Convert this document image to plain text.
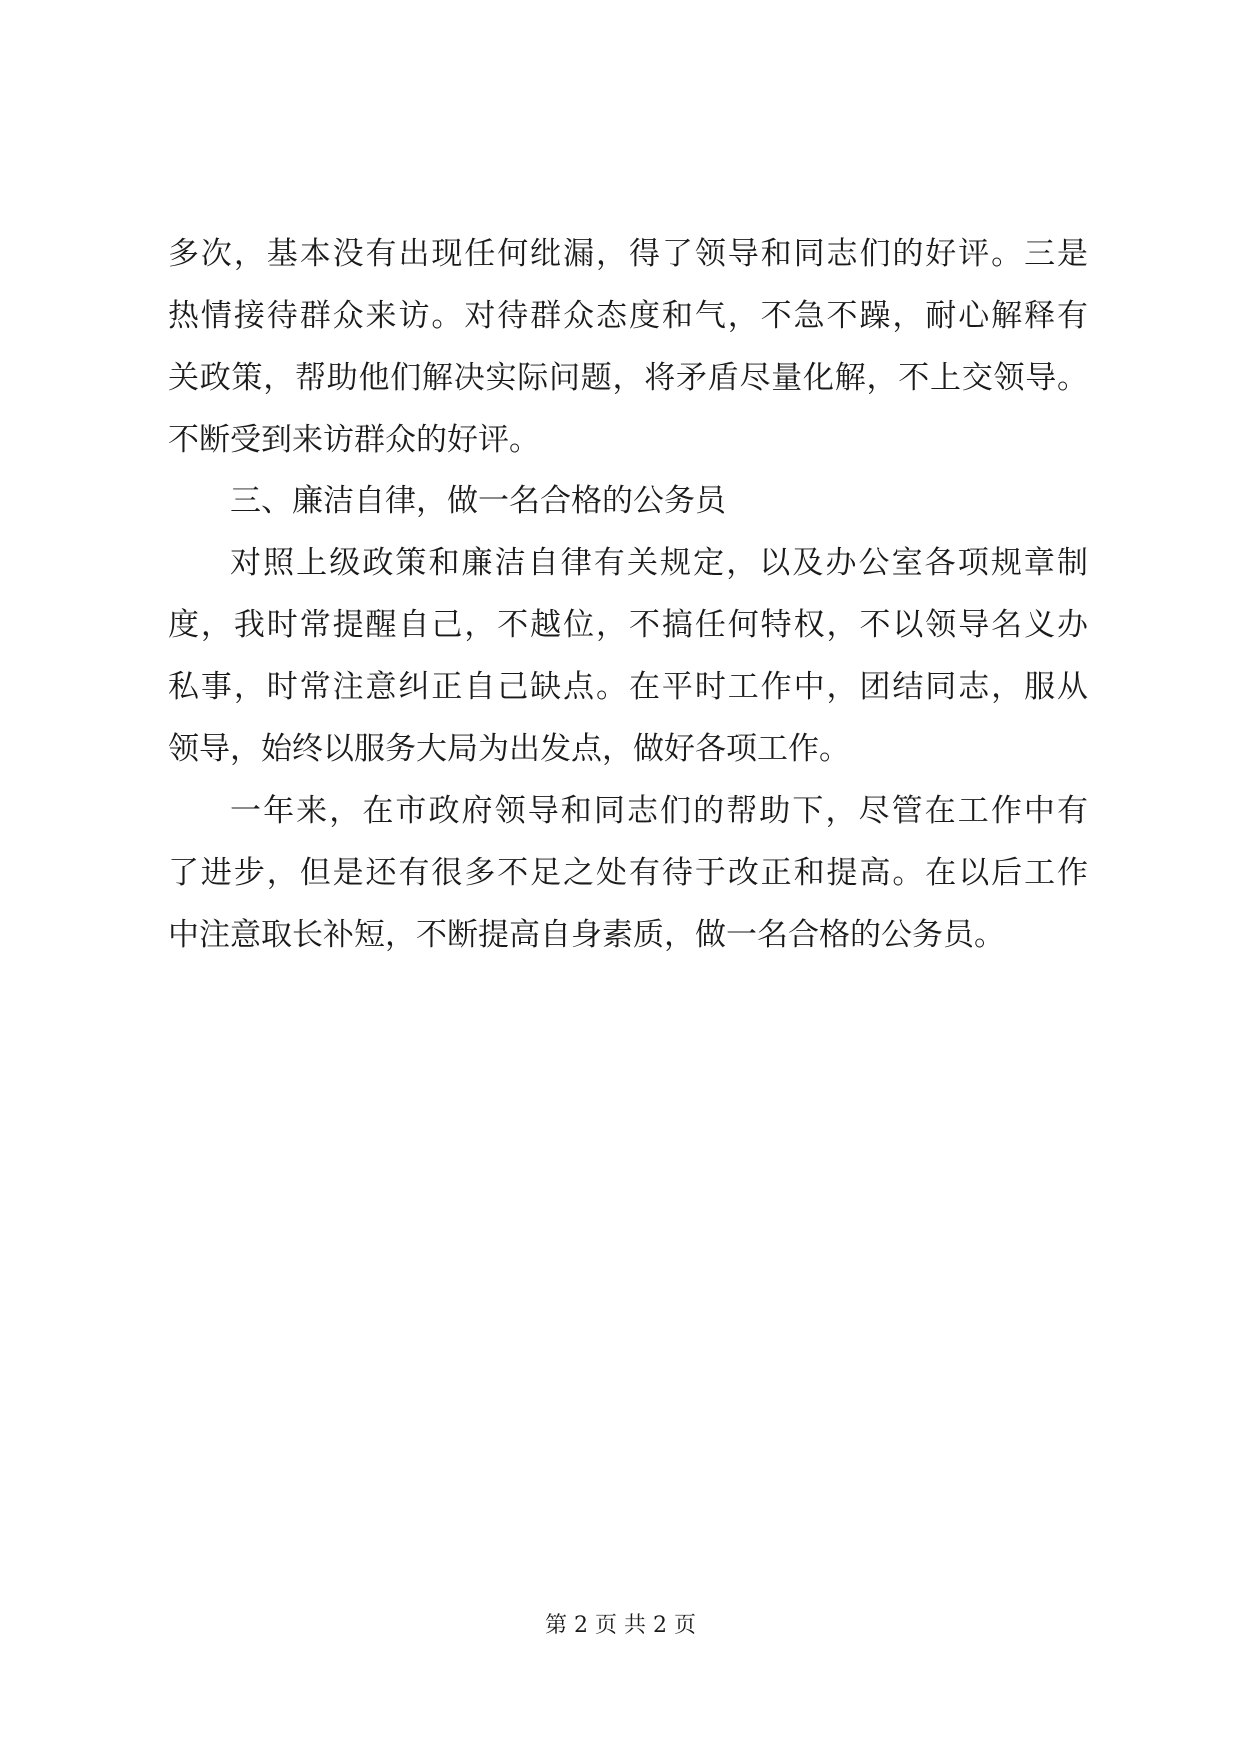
多次，基本没有出现任何纰漏，得了领导和同志们的好评。三是
热情接待群众来访。对待群众态度和气，不急不躁，耐心解释有
关政策，帮助他们解决实际问题，将矛盾尽量化解，不上交领导。
不断受到来访群众的好评。
三、廉洁自律，做一名合格的公务员
对照上级政策和廉洁自律有关规定，以及办公室各项规章制
度，我时常提醒自己，不越位，不搞任何特权，不以领导名义办
私事，时常注意纠正自己缺点。在平时工作中，团结同志，服从
领导，始终以服务大局为出发点，做好各项工作。
一年来，在市政府领导和同志们的帮助下，尽管在工作中有
了进步，但是还有很多不足之处有待于改正和提高。在以后工作
中注意取长补短，不断提高自身素质，做一名合格的公务员。
第 2 页 共 2 页
